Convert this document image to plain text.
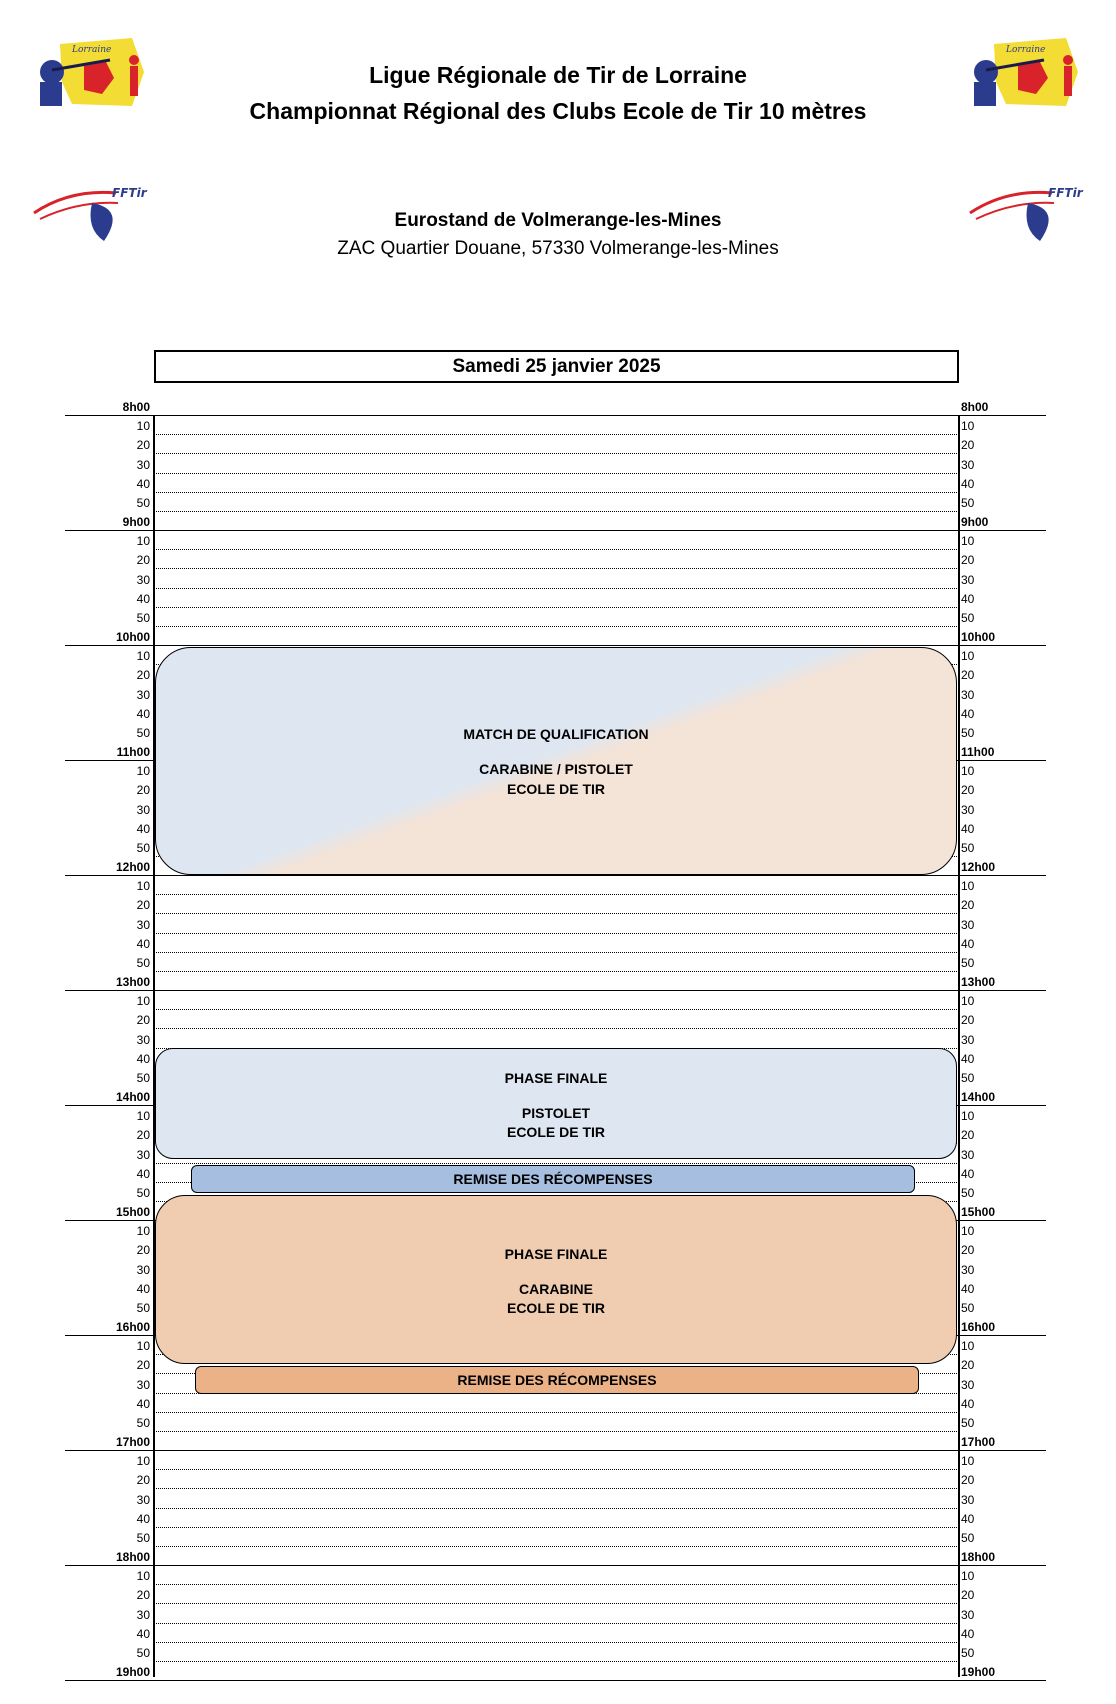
Ligue Régionale de Tir de Lorraine
Championnat Régional des Clubs Ecole de Tir 10 mètres
Eurostand de Volmerange-les-Mines
ZAC Quartier Douane, 57330 Volmerange-les-Mines
Lorraine	Lorraine
FFTir	FFTir
Samedi 25 janvier 2025
8h00	8h00
10	10
20	20
30	30
40	40
50	50
9h00	9h00
10	10
20	20
30	30
40	40
50	50
10h00	10h00
10	10
20	20
30	30
40	40
50	50
11h00	11h00
10	10
20	20
30	30
40	40
50	50
12h00	12h00
10	10
20	20
30	30
40	40
50	50
13h00	13h00
10	10
20	20
30	30
40	40
50	50
14h00	14h00
10	10
20	20
30	30
40	40
50	50
15h00	15h00
10	10
20	20
30	30
40	40
50	50
16h00	16h00
10	10
20	20
30	30
40	40
50	50
17h00	17h00
10	10
20	20
30	30
40	40
50	50
18h00	18h00
10	10
20	20
30	30
40	40
50	50
19h00	19h00
MATCH DE QUALIFICATION
CARABINE / PISTOLET
ECOLE DE TIR
PHASE FINALE
PISTOLET
ECOLE DE TIR
REMISE DES RÉCOMPENSES
PHASE FINALE
CARABINE
ECOLE DE TIR
REMISE DES RÉCOMPENSES
